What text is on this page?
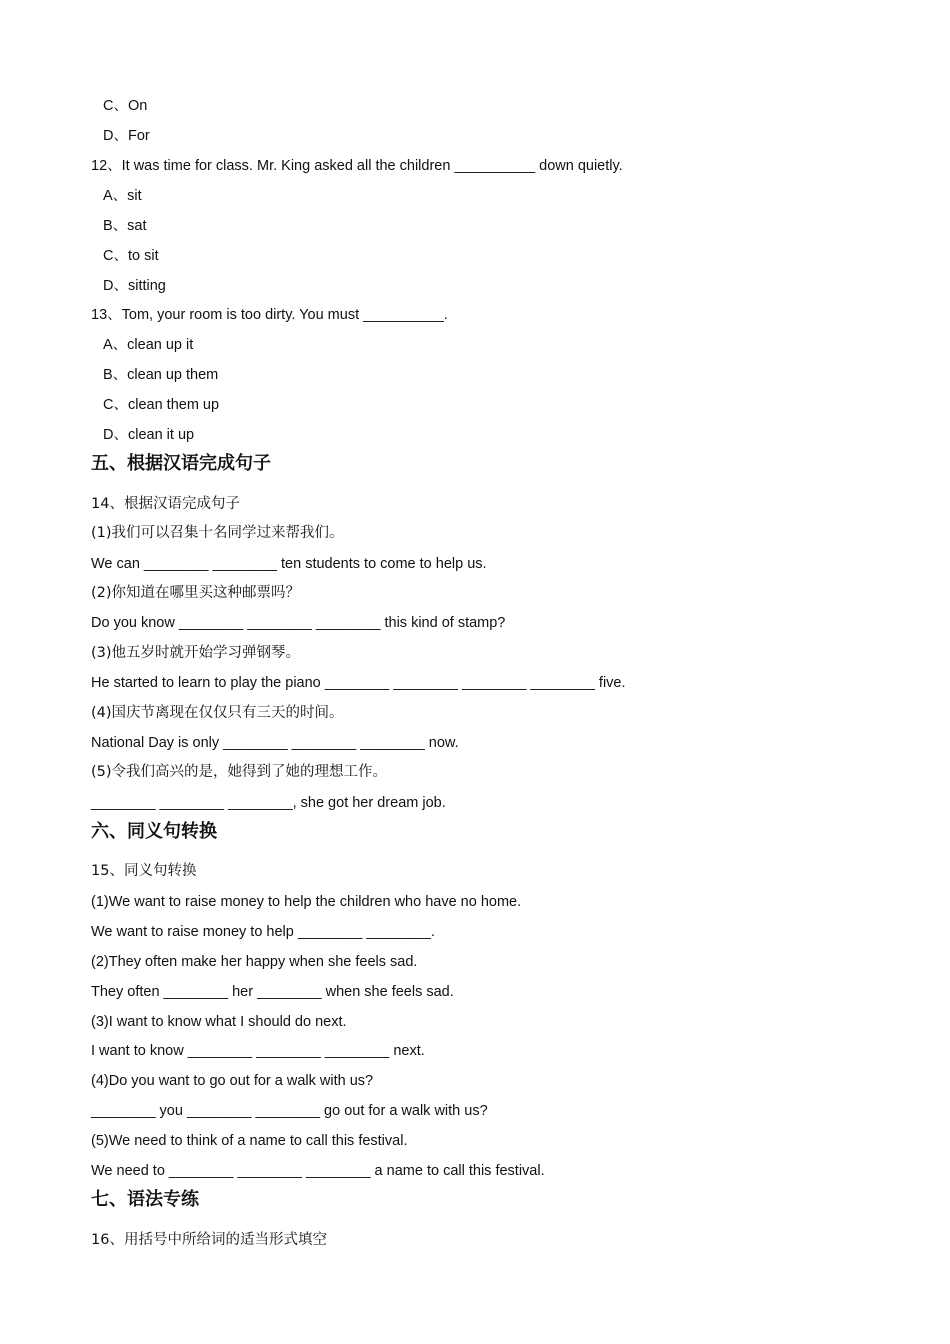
C、On
D、For
12、It was time for class. Mr. King asked all the children __________ down quietly.
A、sit
B、sat
C、to sit
D、sitting
13、Tom, your room is too dirty. You must __________.
A、clean up it
B、clean up them
C、clean them up
D、clean it up
五、根据汉语完成句子
14、根据汉语完成句子
(1)我们可以召集十名同学过来帮我们。
We can ________ ________ ten students to come to help us.
(2)你知道在哪里买这种邮票吗？
Do you know ________ ________ ________ this kind of stamp?
(3)他五岁时就开始学习弹钢琴。
He started to learn to play the piano ________ ________ ________ ________ five.
(4)国庆节离现在仅仅只有三天的时间。
National Day is only ________ ________ ________ now.
(5)令我们高兴的是，她得到了她的理想工作。
________ ________ ________, she got her dream job.
六、同义句转换
15、同义句转换
(1)We want to raise money to help the children who have no home.
We want to raise money to help ________ ________.
(2)They often make her happy when she feels sad.
They often ________ her ________ when she feels sad.
(3)I want to know what I should do next.
I want to know ________ ________ ________ next.
(4)Do you want to go out for a walk with us?
________ you ________ ________ go out for a walk with us?
(5)We need to think of a name to call this festival.
We need to ________ ________ ________ a name to call this festival.
七、语法专练
16、用括号中所给词的适当形式填空
